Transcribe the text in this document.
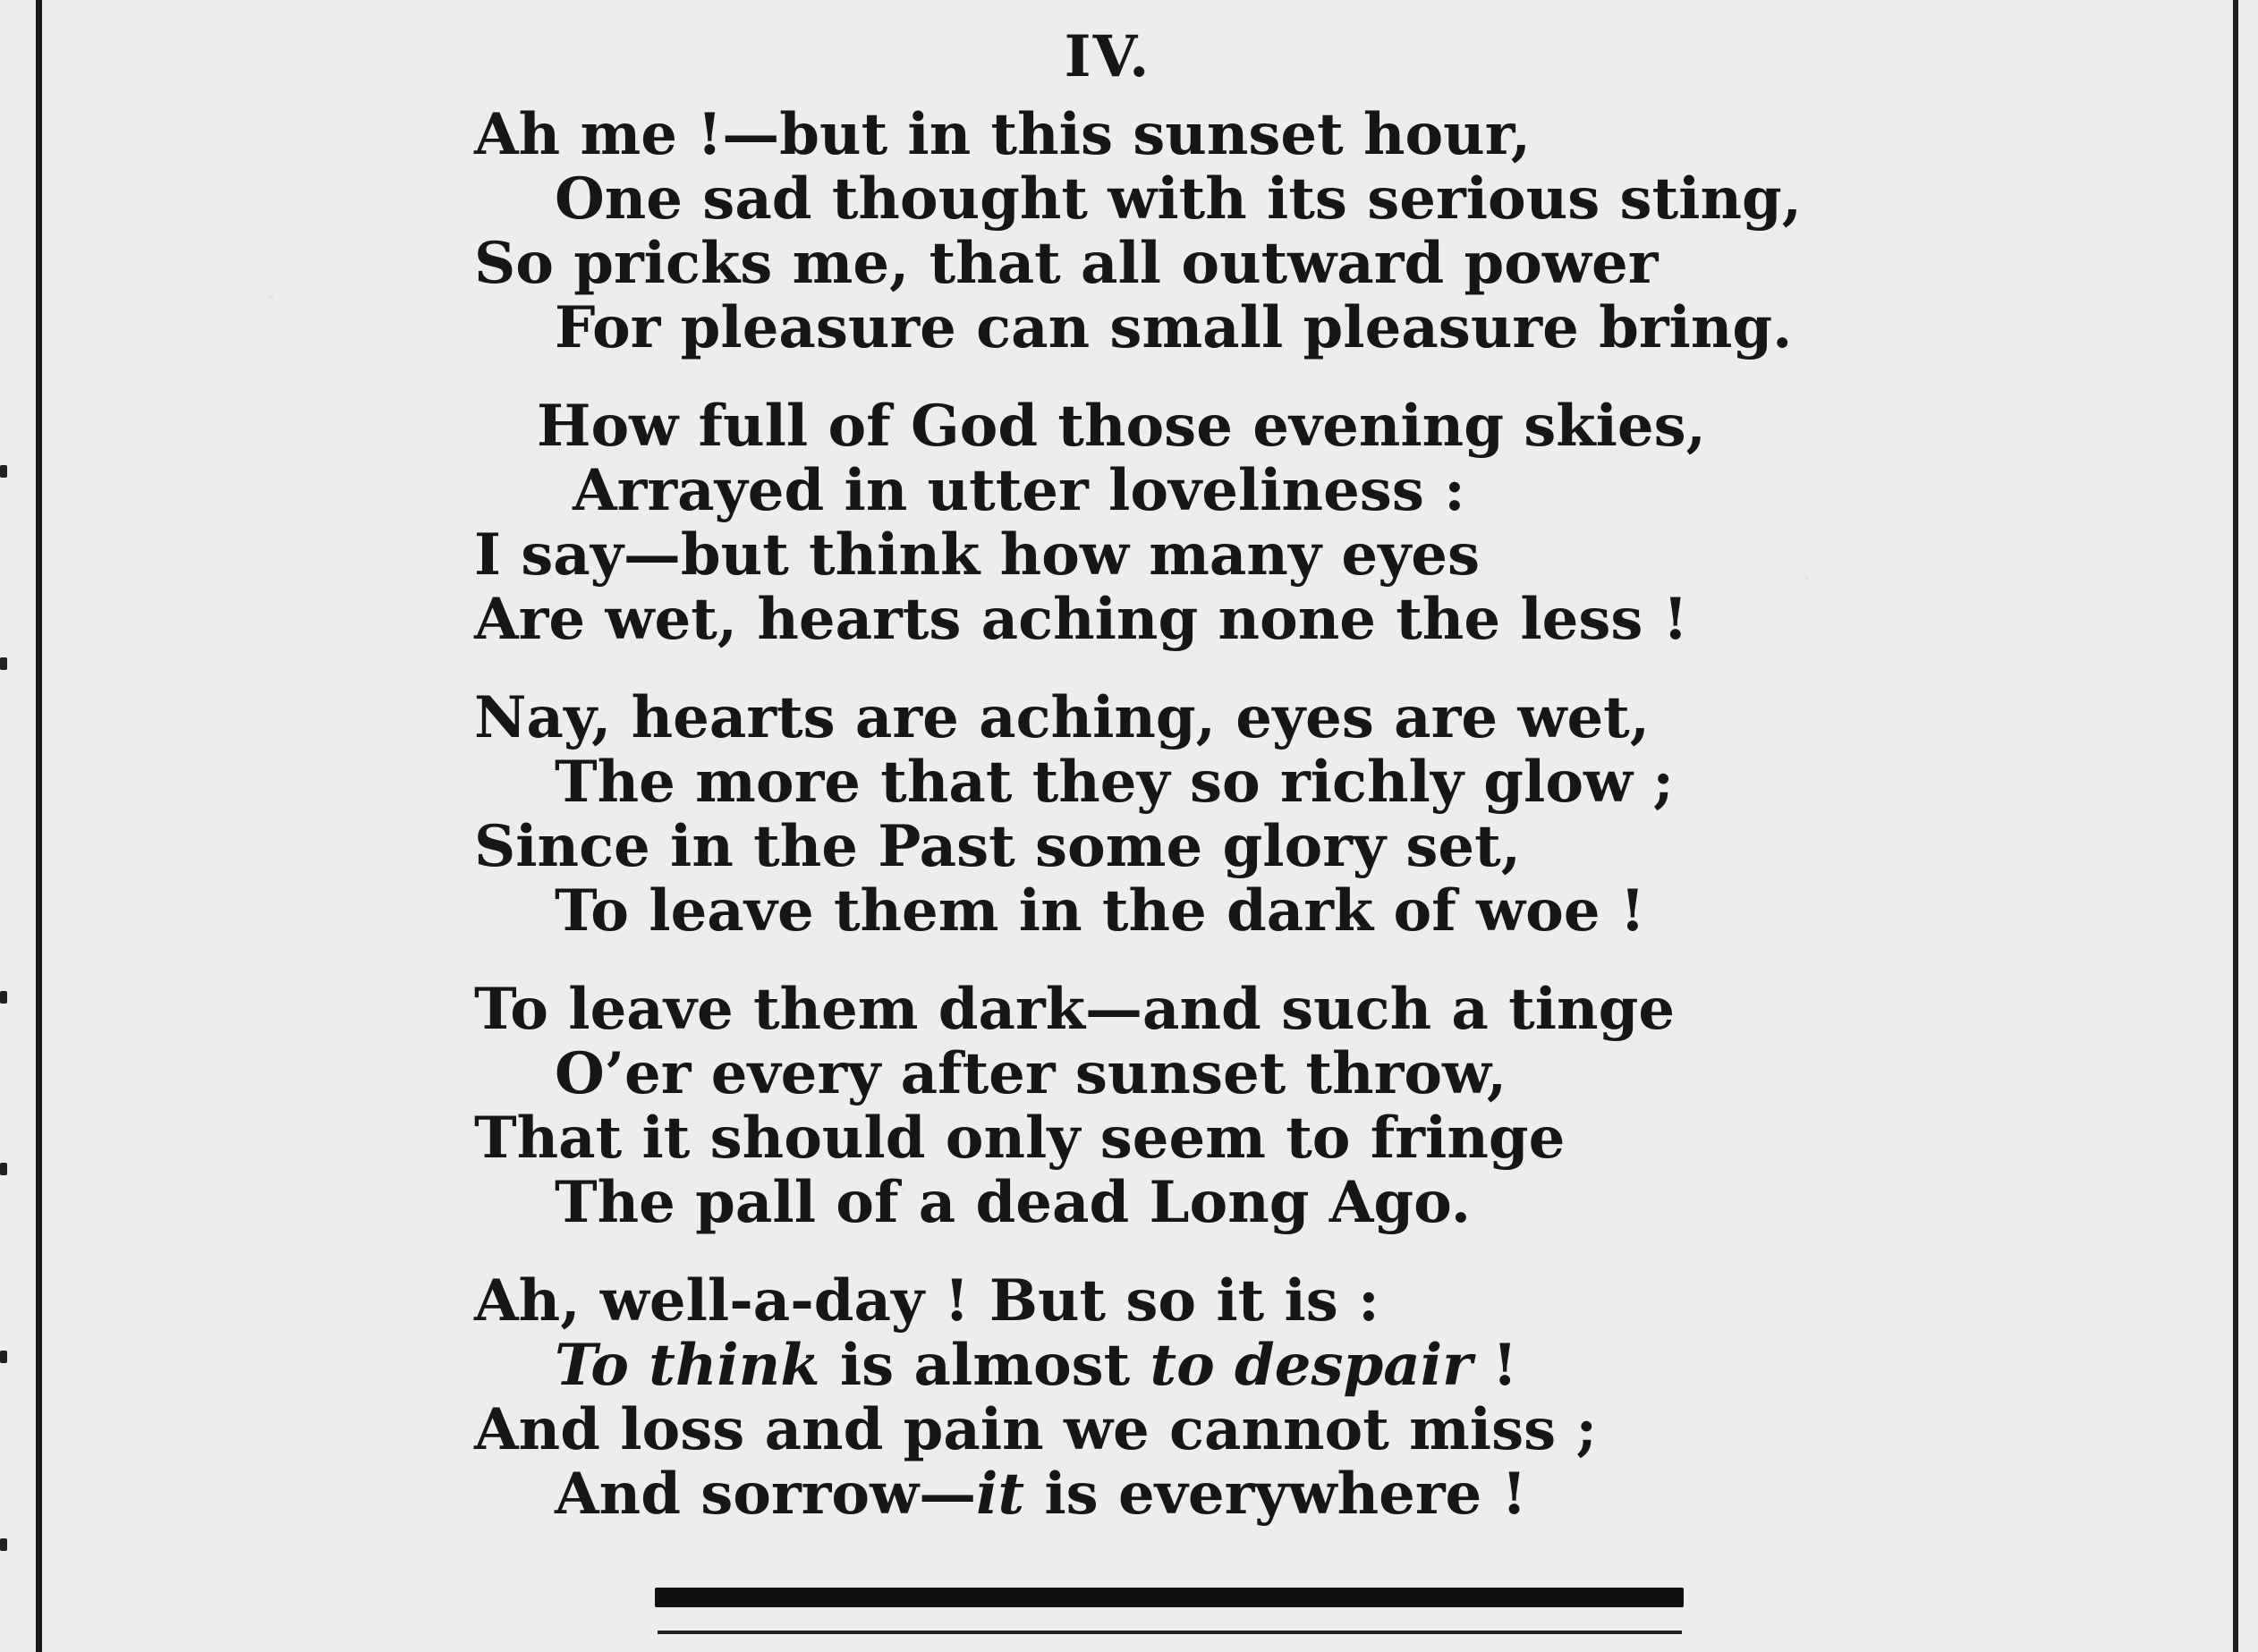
IV.
Ah me !—but in this sunset hour,
One sad thought with its serious sting,
So pricks me, that all outward power
For pleasure can small pleasure bring.
How full of God those evening skies,
Arrayed in utter loveliness :
I say—but think how many eyes
Are wet, hearts aching none the less !
Nay, hearts are aching, eyes are wet,
The more that they so richly glow ;
Since in the Past some glory set,
To leave them in the dark of woe !
To leave them dark—and such a tinge
O’er every after sunset throw,
That it should only seem to fringe
The pall of a dead Long Ago.
Ah, well-a-day ! But so it is :
To think is almost to despair !
And loss and pain we cannot miss ;
And sorrow—it is everywhere !
